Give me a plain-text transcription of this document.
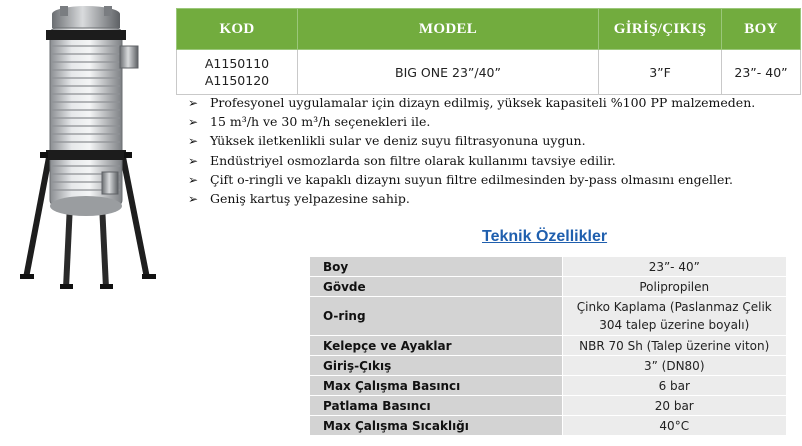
KOD	MODEL	GİRİŞ/ÇIKIŞ	BOY

A1150110
A1150120	BIG ONE 23”/40”	3”F	23”- 40”
➢ Profesyonel uygulamalar için dizayn edilmiş, yüksek kapasiteli %100 PP malzemeden.
➢ 15 m³/h ve 30 m³/h seçenekleri ile.
➢ Yüksek iletkenlikli sular ve deniz suyu filtrasyonuna uygun.
➢ Endüstriyel osmozlarda son filtre olarak kullanımı tavsiye edilir.
➢ Çift o-ringli ve kapaklı dizaynı suyun filtre edilmesinden by-pass olmasını engeller.
➢ Geniş kartuş yelpazesine sahip.
Teknik Özellikler
Boy	23”- 40”
Gövde	Polipropilen
O-ring	Çinko Kaplama (Paslanmaz Çelik
304 talep üzerine boyalı)

Kelepçe ve Ayaklar	NBR 70 Sh (Talep üzerine viton)
Giriş-Çıkış	3” (DN80)
Max Çalışma Basıncı	6 bar
Patlama Basıncı	20 bar
Max Çalışma Sıcaklığı	40°C
